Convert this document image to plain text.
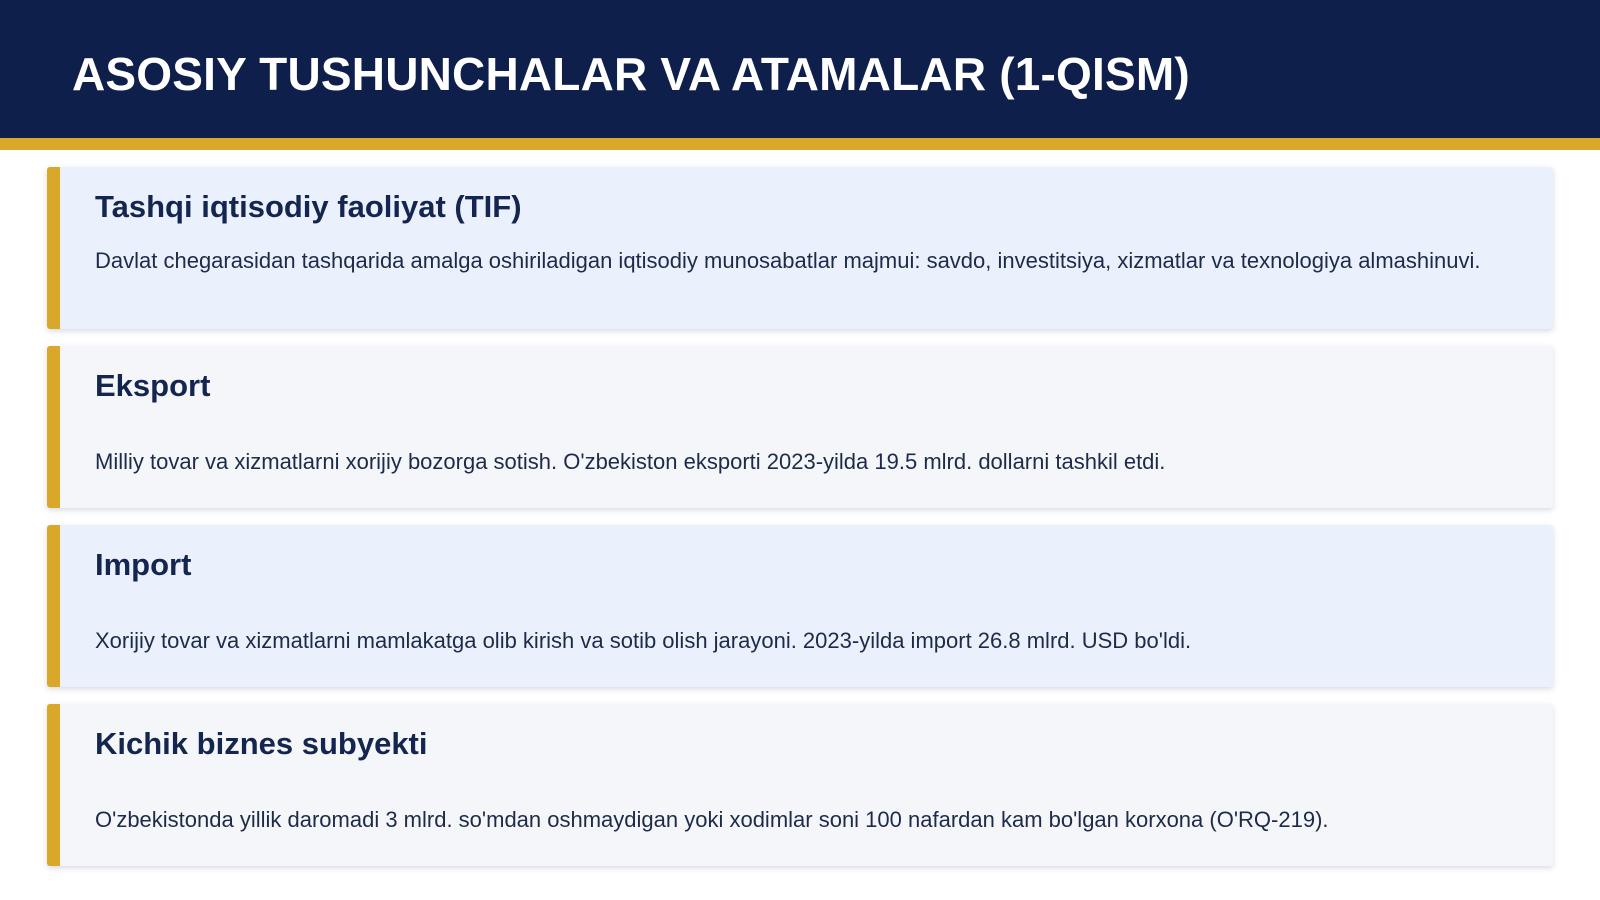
ASOSIY TUSHUNCHALAR VA ATAMALAR (1-QISM)
Tashqi iqtisodiy faoliyat (TIF)

Davlat chegarasidan tashqarida amalga oshiriladigan iqtisodiy munosabatlar majmui: savdo, investitsiya, xizmatlar va texnologiya almashinuvi.

Eksport

Milliy tovar va xizmatlarni xorijiy bozorga sotish. O'zbekiston eksporti 2023-yilda 19.5 mlrd. dollarni tashkil etdi.

Import

Xorijiy tovar va xizmatlarni mamlakatga olib kirish va sotib olish jarayoni. 2023-yilda import 26.8 mlrd. USD bo'ldi.

Kichik biznes subyekti

O'zbekistonda yillik daromadi 3 mlrd. so'mdan oshmaydigan yoki xodimlar soni 100 nafardan kam bo'lgan korxona (O'RQ-219).
